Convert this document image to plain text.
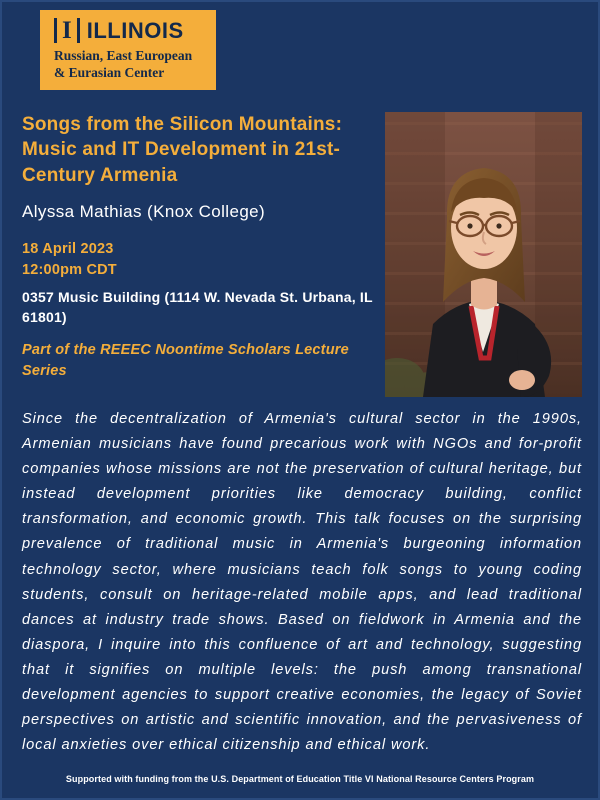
I ILLINOIS
Russian, East European
& Eurasian Center
Songs from the Silicon Mountains: Music and IT Development in 21st-Century Armenia
Alyssa Mathias (Knox College)
18 April 2023
12:00pm CDT
0357 Music Building (1114 W. Nevada St. Urbana, IL 61801)
Part of the REEEC Noontime Scholars Lecture Series
Since the decentralization of Armenia's cultural sector in the 1990s, Armenian musicians have found precarious work with NGOs and for-profit companies whose missions are not the preservation of cultural heritage, but instead development priorities like democracy building, conflict transformation, and economic growth. This talk focuses on the surprising prevalence of traditional music in Armenia's burgeoning information technology sector, where musicians teach folk songs to young coding students, consult on heritage-related mobile apps, and lead traditional dances at industry trade shows. Based on fieldwork in Armenia and the diaspora, I inquire into this confluence of art and technology, suggesting that it signifies on multiple levels: the push among transnational development agencies to support creative economies, the legacy of Soviet perspectives on artistic and scientific innovation, and the pervasiveness of local anxieties over ethical citizenship and ethical work.
Supported with funding from the U.S. Department of Education Title VI National Resource Centers Program
